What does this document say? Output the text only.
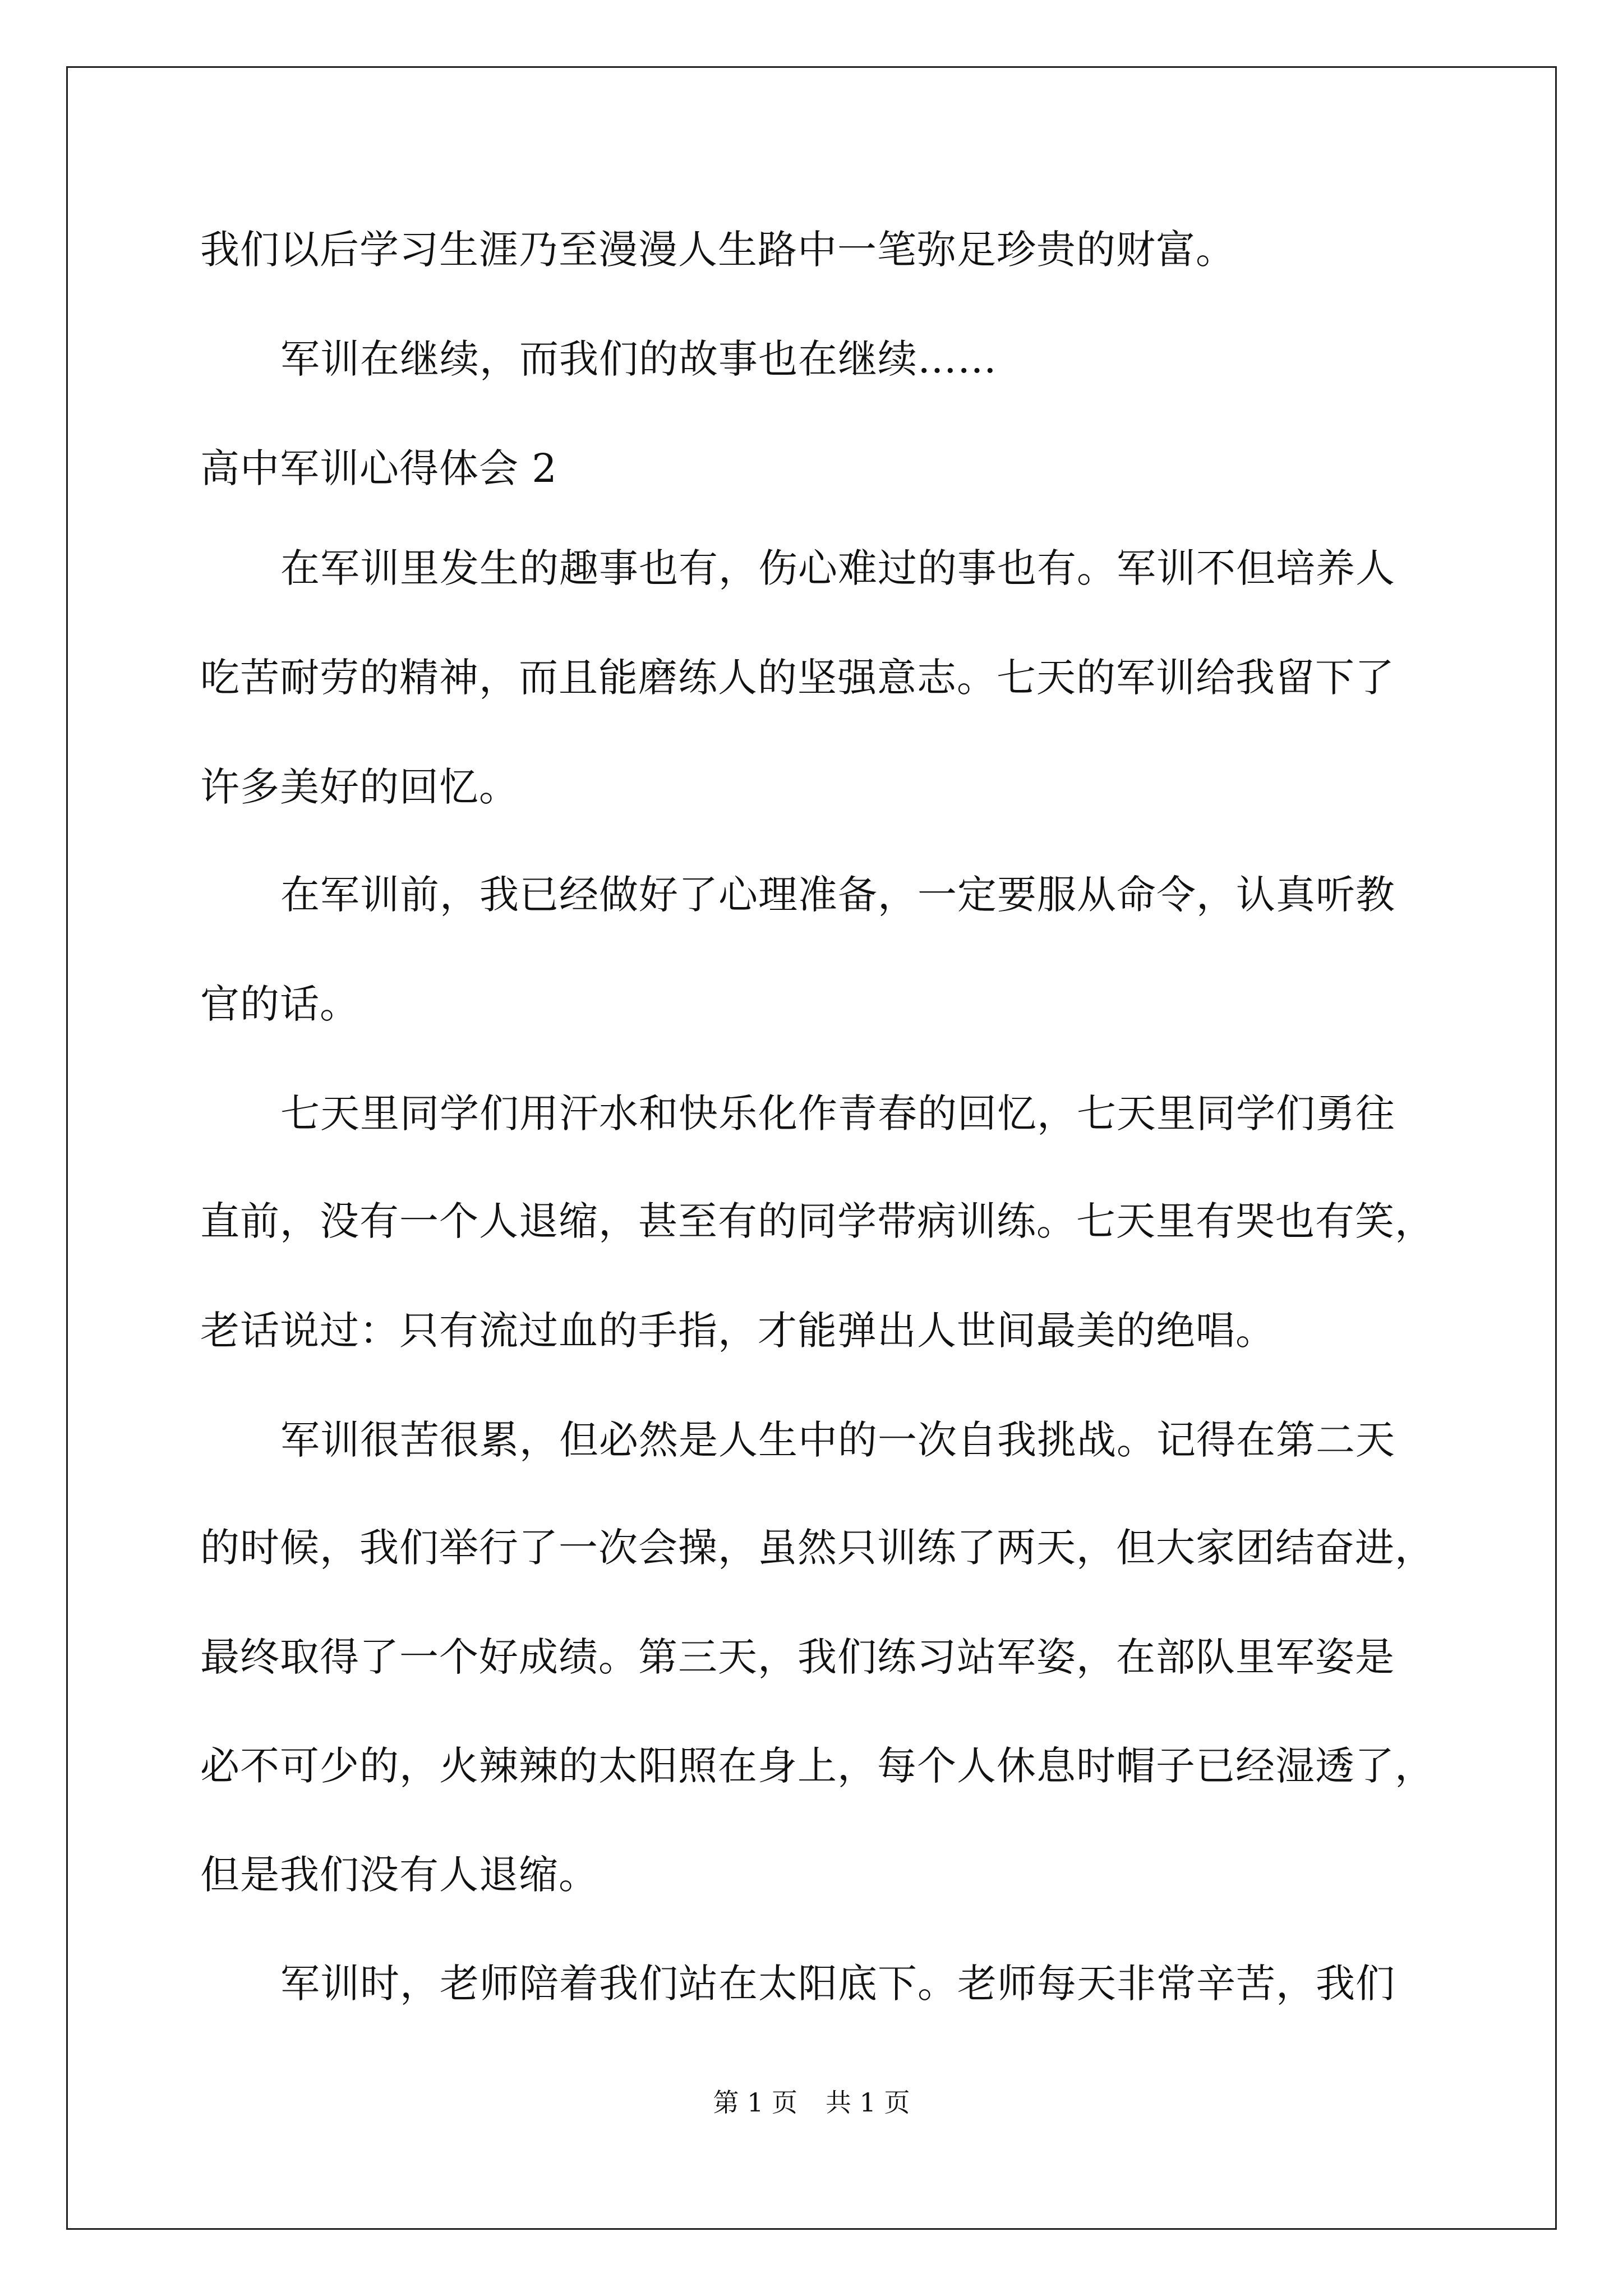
我们以后学习生涯乃至漫漫人生路中一笔弥足珍贵的财富。
军训在继续，而我们的故事也在继续……
高中军训心得体会 2
在军训里发生的趣事也有，伤心难过的事也有。军训不但培养人
吃苦耐劳的精神，而且能磨练人的坚强意志。七天的军训给我留下了
许多美好的回忆。
在军训前，我已经做好了心理准备，一定要服从命令，认真听教
官的话。
七天里同学们用汗水和快乐化作青春的回忆，七天里同学们勇往
直前，没有一个人退缩，甚至有的同学带病训练。七天里有哭也有笑，
老话说过：只有流过血的手指，才能弹出人世间最美的绝唱。
军训很苦很累，但必然是人生中的一次自我挑战。记得在第二天
的时候，我们举行了一次会操，虽然只训练了两天，但大家团结奋进，
最终取得了一个好成绩。第三天，我们练习站军姿，在部队里军姿是
必不可少的，火辣辣的太阳照在身上，每个人休息时帽子已经湿透了，
但是我们没有人退缩。
军训时，老师陪着我们站在太阳底下。老师每天非常辛苦，我们
第 1 页 共 1 页
